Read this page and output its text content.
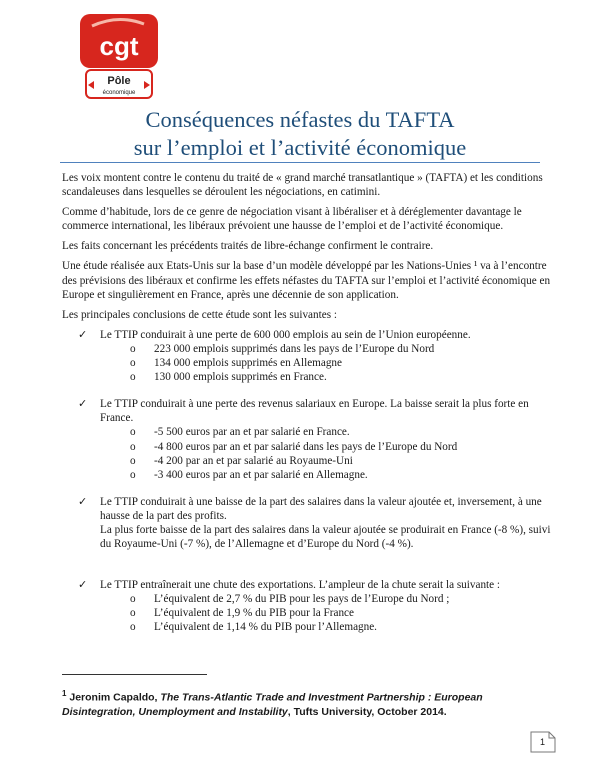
cgt
Pôle
économique
Conséquences néfastes du TAFTA
sur l’emploi et l’activité économique

Les voix montent contre le contenu du traité de « grand marché transatlantique » (TAFTA) et les conditions scandaleuses dans lesquelles se déroulent les négociations, en catimini.

Comme d’habitude, lors de ce genre de négociation visant à libéraliser et à déréglementer davantage le commerce international, les libéraux prévoient une hausse de l’emploi et de l’activité économique.

Les faits concernant les précédents traités de libre-échange confirment le contraire.

Une étude réalisée aux Etats-Unis sur la base d’un modèle développé par les Nations-Unies ¹ va à l’encontre des prévisions des libéraux et confirme les effets néfastes du TAFTA sur l’emploi et l’activité économique en Europe et singulièrement en France, après une décennie de son application.

Les principales conclusions de cette étude sont les suivantes :

✓ Le TTIP conduirait à une perte de 600 000 emplois au sein de l’Union européenne.
o 223 000 emplois supprimés dans les pays de l’Europe du Nord
o 134 000 emplois supprimés en Allemagne
o 130 000 emplois supprimés en France.
✓ Le TTIP conduirait à une perte des revenus salariaux en Europe. La baisse serait la plus forte en France.
o -5 500 euros par an et par salarié en France.
o -4 800 euros par an et par salarié dans les pays de l’Europe du Nord
o -4 200 par an et par salarié au Royaume-Uni
o -3 400 euros par an et par salarié en Allemagne.
✓ Le TTIP conduirait à une baisse de la part des salaires dans la valeur ajoutée et, inversement, à une hausse de la part des profits.

La plus forte baisse de la part des salaires dans la valeur ajoutée se produirait en France (-8 %), suivi du Royaume-Uni (-7 %), de l’Allemagne et d’Europe du Nord (-4 %).

✓ Le TTIP entraînerait une chute des exportations. L’ampleur de la chute serait la suivante :
o L’équivalent de 2,7 % du PIB pour les pays de l’Europe du Nord ;
o L’équivalent de 1,9 % du PIB pour la France
o L’équivalent de 1,14 % du PIB pour l’Allemagne.
$^1$ Jeronim Capaldo, The Trans-Atlantic Trade and Investment Partnership : European Disintegration, Unemployment and Instability, Tufts University, October 2014.
1
